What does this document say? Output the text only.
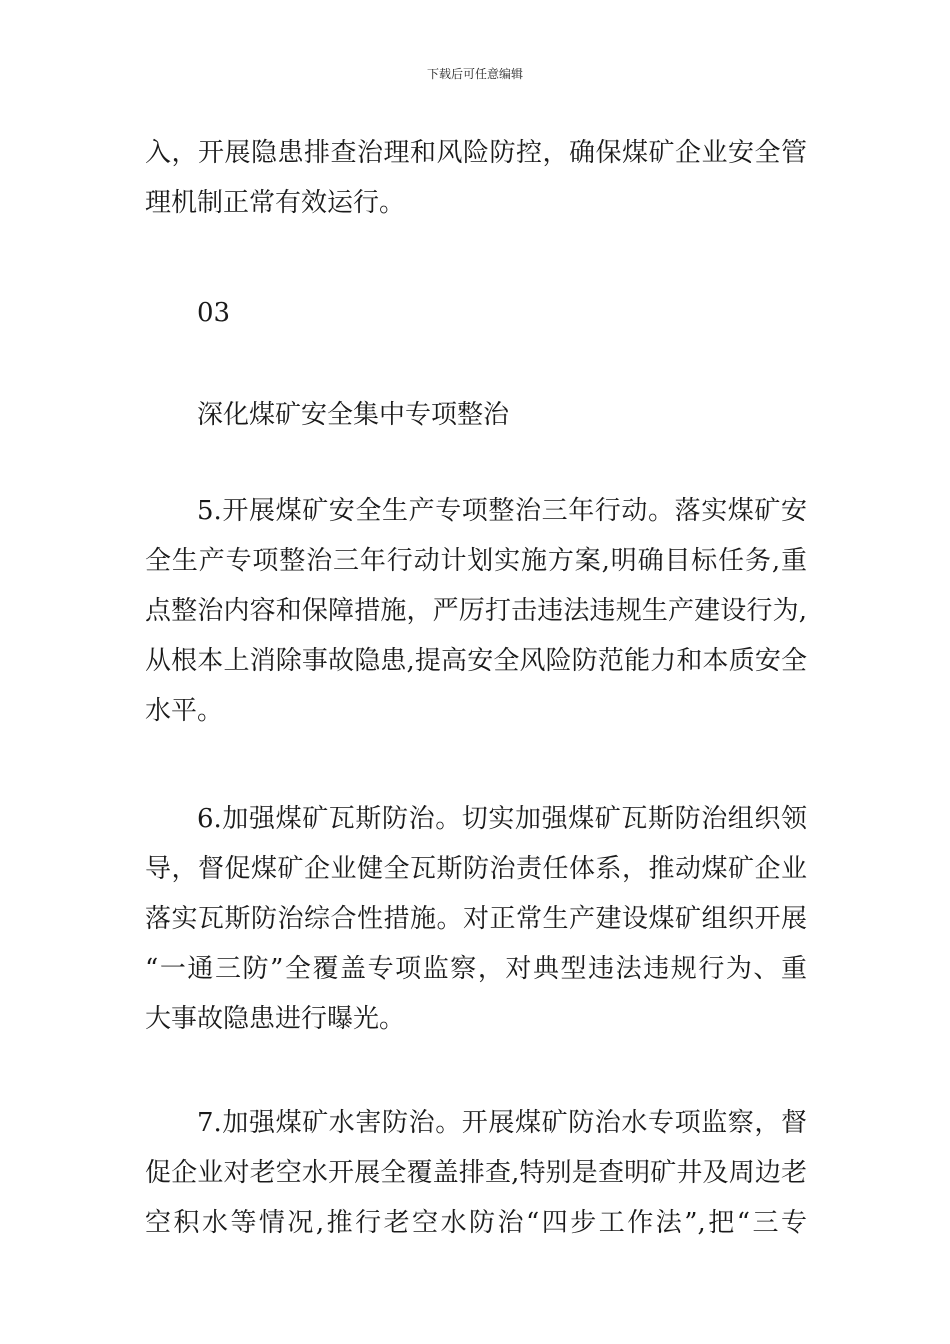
下载后可任意编辑
入，开展隐患排查治理和风险防控，确保煤矿企业安全管
理机制正常有效运行。
03
深化煤矿安全集中专项整治
5.开展煤矿安全生产专项整治三年行动。落实煤矿安
全生产专项整治三年行动计划实施方案,明确目标任务,重
点整治内容和保障措施，严厉打击违法违规生产建设行为,
从根本上消除事故隐患,提高安全风险防范能力和本质安全
水平。
6.加强煤矿瓦斯防治。切实加强煤矿瓦斯防治组织领
导，督促煤矿企业健全瓦斯防治责任体系，推动煤矿企业
落实瓦斯防治综合性措施。对正常生产建设煤矿组织开展
“一通三防”全覆盖专项监察，对典型违法违规行为、重
大事故隐患进行曝光。
7.加强煤矿水害防治。开展煤矿防治水专项监察，督
促企业对老空水开展全覆盖排查,特别是查明矿井及周边老
空积水等情况,推行老空水防治“四步工作法”,把“三专
